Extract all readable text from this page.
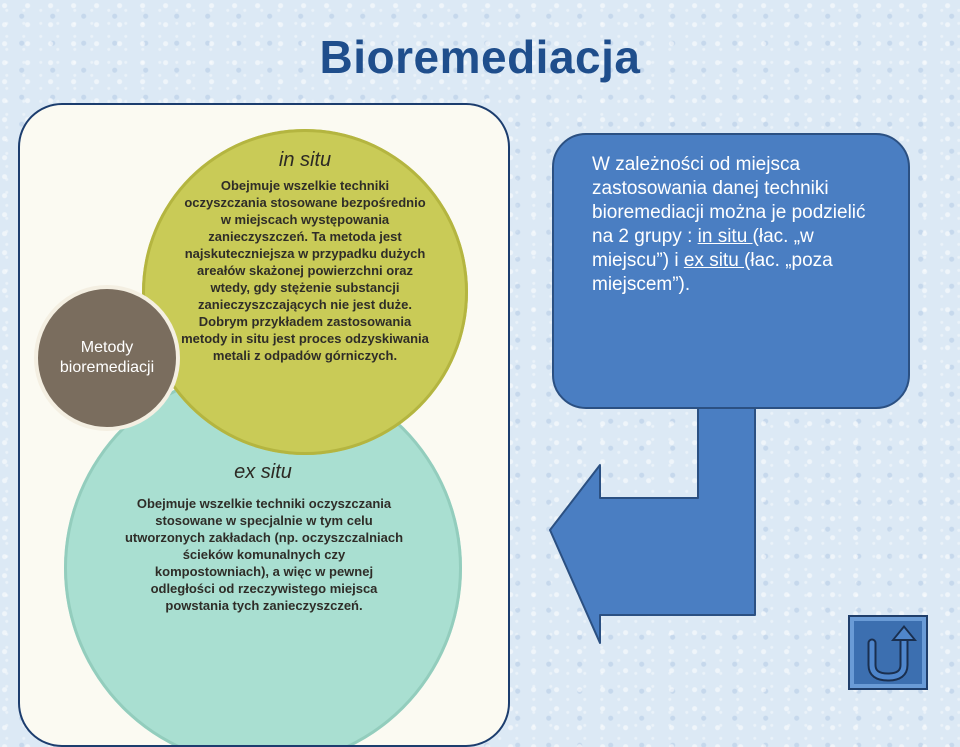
Bioremediacja
in situ
Obejmuje wszelkie techniki oczyszczania stosowane bezpośrednio w miejscach występowania zanieczyszczeń. Ta metoda jest najskuteczniejsza w przypadku dużych areałów skażonej powierzchni oraz wtedy, gdy stężenie substancji zanieczyszczających nie jest duże. Dobrym przykładem zastosowania metody in situ jest proces odzyskiwania metali z odpadów górniczych.
ex situ
Obejmuje wszelkie techniki oczyszczania stosowane w specjalnie w tym celu utworzonych zakładach (np. oczyszczalniach ścieków komunalnych czy kompostowniach), a więc w pewnej odległości od rzeczywistego miejsca powstania tych zanieczyszczeń.
Metody bioremediacji
W zależności od miejsca zastosowania danej techniki bioremediacji można je podzielić na 2 grupy : in situ (łac. „w miejscu”) i ex situ (łac. „poza miejscem”).
